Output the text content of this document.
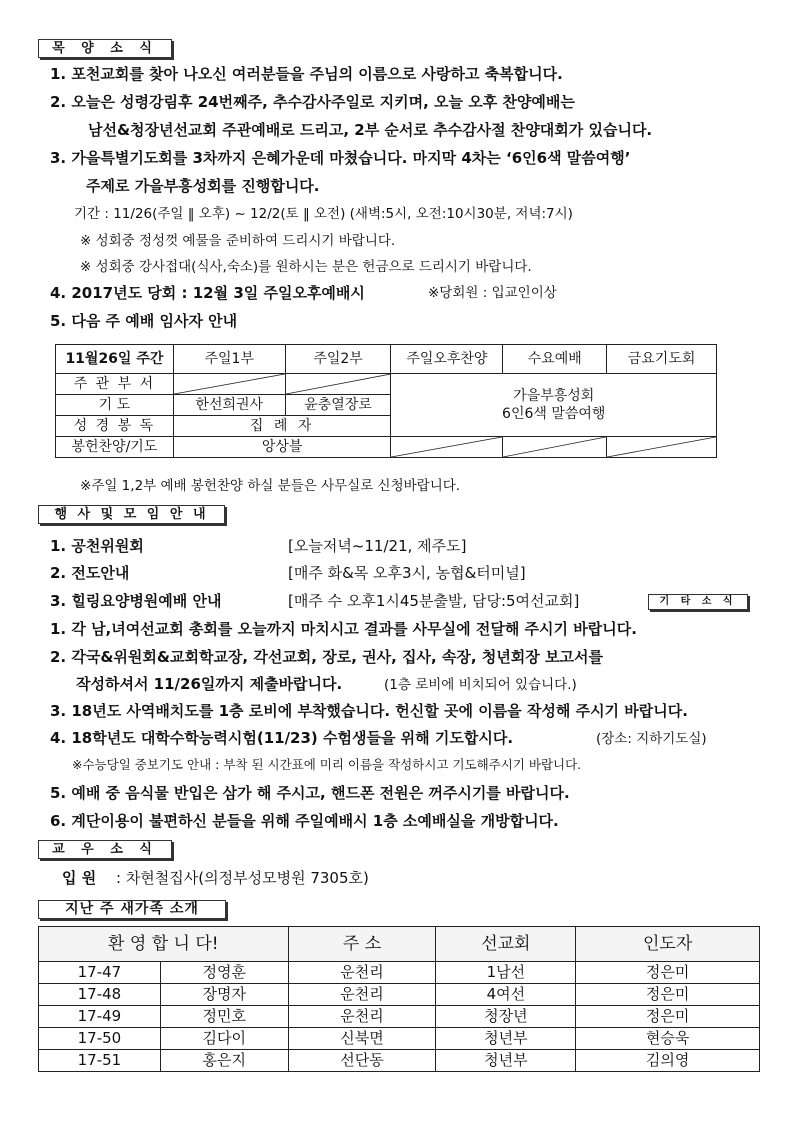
목 양 소 식
1. 포천교회를 찾아 나오신 여러분들을 주님의 이름으로 사랑하고 축복합니다.
2. 오늘은 성령강림후 24번째주, 추수감사주일로 지키며, 오늘 오후 찬양예배는
남선&청장년선교회 주관예배로 드리고, 2부 순서로 추수감사절 찬양대회가 있습니다.
3. 가을특별기도회를 3차까지 은혜가운데 마쳤습니다. 마지막 4차는 ‘6인6색 말씀여행’
주제로 가을부흥성회를 진행합니다.
기간 : 11/26(주일 ‖ 오후) ~ 12/2(토 ‖ 오전) (새벽:5시, 오전:10시30분, 저녁:7시)
※ 성회중 정성껏 예물을 준비하여 드리시기 바랍니다.
※ 성회중 강사접대(식사,숙소)를 원하시는 분은 헌금으로 드리시기 바랍니다.
4. 2017년도 당회 : 12월 3일 주일오후예배시	※당회원 : 입교인이상
5. 다음 주 예배 임사자 안내
11월26일 주간	주일1부	주일2부	주일오후찬양	수요예배	금요기도회
주 관 부 서			가을부흥성회
6인6색 말씀여행		

기 도	한선희권사	윤충열장로			
성 경 봉 독	집 례 자				
봉헌찬양/기도	앙상블	

※주일 1,2부 예배 봉헌찬양 하실 분들은 사무실로 신청바랍니다.
행 사 및 모 임 안 내
1. 공천위원회	[오늘저녁~11/21, 제주도]
2. 전도안내	[매주 화&목 오후3시, 농협&터미널]
3. 힐링요양병원예배 안내	[매주 수 오후1시45분출발, 담당:5여선교회]	기 타 소 식
1. 각 남,녀여선교회 총회를 오늘까지 마치시고 결과를 사무실에 전달해 주시기 바랍니다.
2. 각국&위원회&교회학교장, 각선교회, 장로, 권사, 집사, 속장, 청년회장 보고서를
작성하셔서 11/26일까지 제출바랍니다.	(1층 로비에 비치되어 있습니다.)
3. 18년도 사역배치도를 1층 로비에 부착했습니다. 헌신할 곳에 이름을 작성해 주시기 바랍니다.
4. 18학년도 대학수학능력시험(11/23) 수험생들을 위해 기도합시다.	(장소: 지하기도실)
※수능당일 중보기도 안내 : 부착 된 시간표에 미리 이름을 작성하시고 기도해주시기 바랍니다.
5. 예배 중 음식물 반입은 삼가 해 주시고, 핸드폰 전원은 꺼주시기를 바랍니다.
6. 계단이용이 불편하신 분들을 위해 주일예배시 1층 소예배실을 개방합니다.
교 우 소 식
입 원 : 차현철집사(의정부성모병원 7305호)
지난 주 새가족 소개
환 영 합 니 다!		주 소	선교회	인도자
17-47	정영훈	운천리	1남선	정은미
17-48	장명자	운천리	4여선	정은미
17-49	정민호	운천리	청장년	정은미
17-50	김다이	신북면	청년부	현승욱
17-51	홍은지	선단동	청년부	김의영
